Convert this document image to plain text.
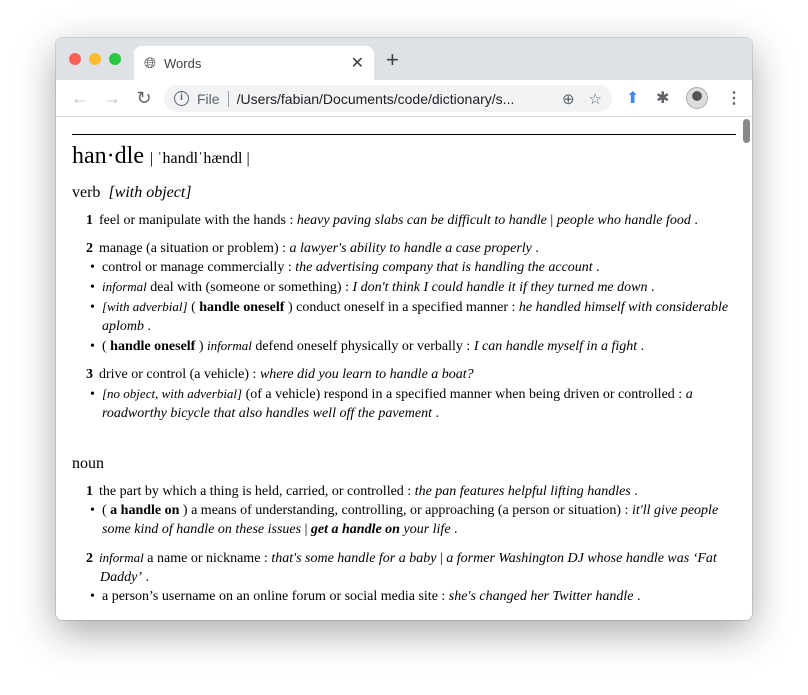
🌐︎ Words	✕ +
← → ↻	i	File /Users/fabian/Documents/code/dictionary/s...	⊕ ☆ ⬆ ✱	⋮
han·dle | ˈhandlˈhændl |
verb [with object]
1 feel or manipulate with the hands : heavy paving slabs can be difficult to handle | people who handle food .
2 manage (a situation or problem) : a lawyer's ability to handle a case properly .
• control or manage commercially : the advertising company that is handling the account .
• informal deal with (someone or something) : I don't think I could handle it if they turned me down .
• [with adverbial] ( handle oneself ) conduct oneself in a specified manner : he handled himself with considerable aplomb .
• ( handle oneself ) informal defend oneself physically or verbally : I can handle myself in a fight .
3 drive or control (a vehicle) : where did you learn to handle a boat?
• [no object, with adverbial] (of a vehicle) respond in a specified manner when being driven or controlled : a roadworthy bicycle that also handles well off the pavement .
noun
1 the part by which a thing is held, carried, or controlled : the pan features helpful lifting handles .
• ( a handle on ) a means of understanding, controlling, or approaching (a person or situation) : it'll give people some kind of handle on these issues | get a handle on your life .
2 informal a name or nickname : that's some handle for a baby | a former Washington DJ whose handle was ‘Fat Daddy’ .
• a person’s username on an online forum or social media site : she's changed her Twitter handle .
